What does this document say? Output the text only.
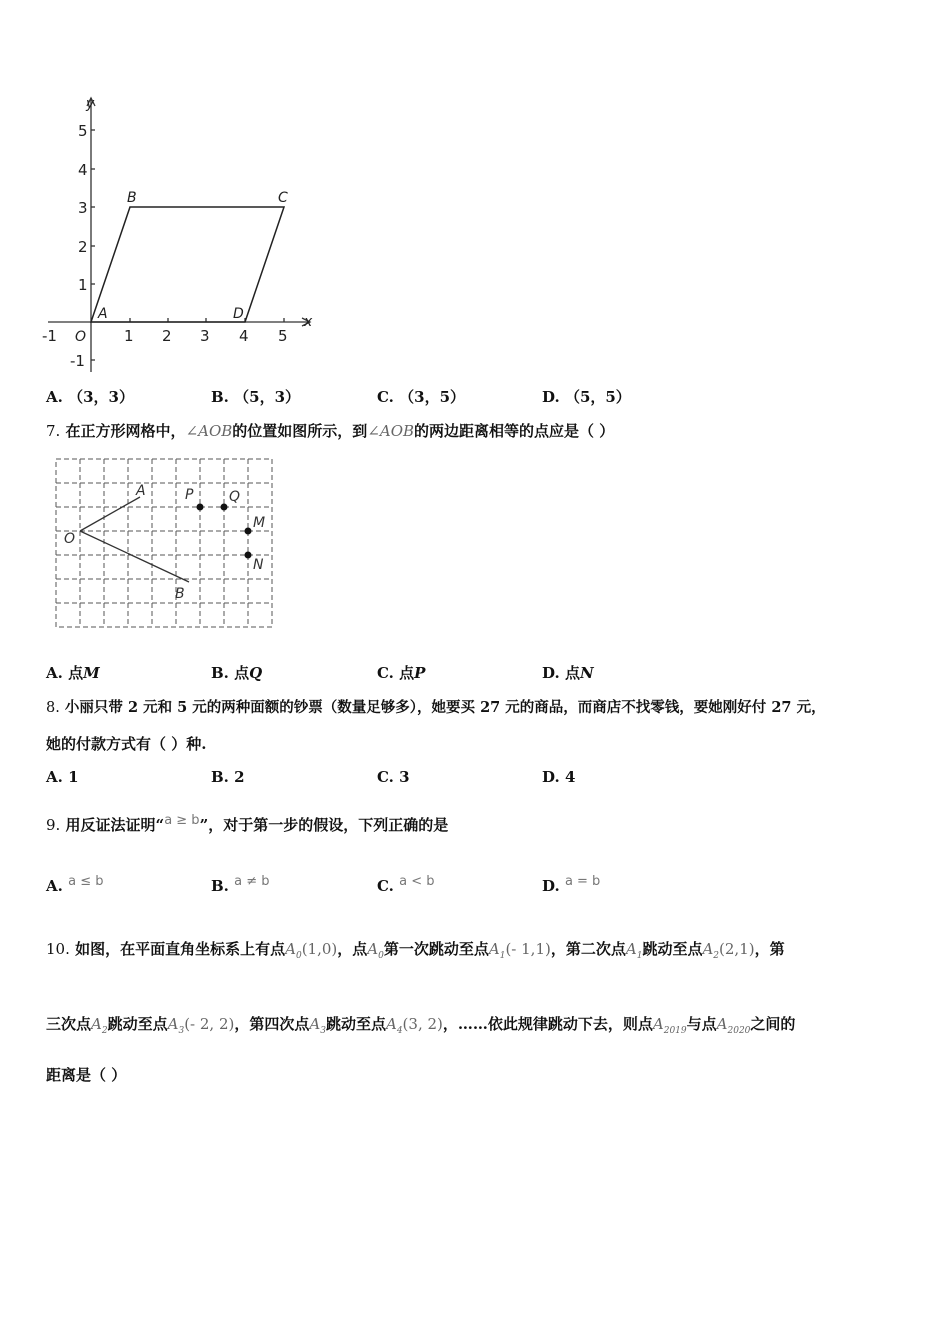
-1	1 2 3 4 5
5
4
3
2
1
-1
O
x
y
A
B	C
D
A. （3，3）	B. （5，3）	C. （3，5）	D. （5，5）
7. 在正方形网格中，∠AOB的位置如图所示，到∠AOB的两边距离相等的点应是（ ）
O
A
B
P	Q
M
N
A. 点M	B. 点Q	C. 点P	D. 点N
8. 小丽只带 2 元和 5 元的两种面额的钞票（数量足够多），她要买 27 元的商品，而商店不找零钱，要她刚好付 27 元，
她的付款方式有（ ）种.
A. 1	B. 2	C. 3	D. 4
9. 用反证法证明“a ≥ b”，对于第一步的假设，下列正确的是
A. a ≤ b	B. a ≠ b	C. a < b	D. a = b
10. 如图，在平面直角坐标系上有点$A_0(1,0)$，点$A_0$第一次跳动至点$A_1(-$ 1,1)，第二次点$A_1$跳动至点$A_2(2,1)$，第
三次点$A_2$跳动至点$A_3(-$ 2, 2)，第四次点$A_3$跳动至点$A_4(3$, 2)，……依此规律跳动下去，则点$A_{2019}$与点$A_{2020}$之间的
距离是（ ）
